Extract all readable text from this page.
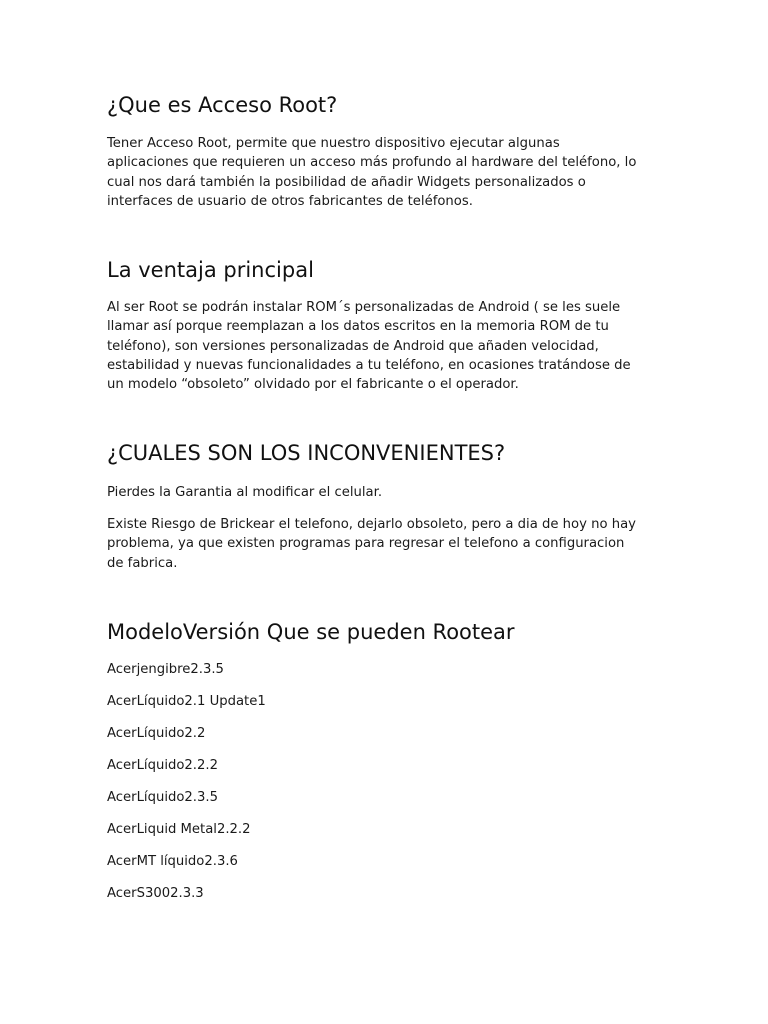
¿Que es Acceso Root?

Tener Acceso Root, permite que nuestro dispositivo ejecutar algunas
aplicaciones que requieren un acceso más profundo al hardware del teléfono, lo
cual nos dará también la posibilidad de añadir Widgets personalizados o
interfaces de usuario de otros fabricantes de teléfonos.

La ventaja principal

Al ser Root se podrán instalar ROM´s personalizadas de Android ( se les suele
llamar así porque reemplazan a los datos escritos en la memoria ROM de tu
teléfono), son versiones personalizadas de Android que añaden velocidad,
estabilidad y nuevas funcionalidades a tu teléfono, en ocasiones tratándose de
un modelo “obsoleto” olvidado por el fabricante o el operador.

¿CUALES SON LOS INCONVENIENTES?

Pierdes la Garantia al modificar el celular.

Existe Riesgo de Brickear el telefono, dejarlo obsoleto, pero a dia de hoy no hay
problema, ya que existen programas para regresar el telefono a configuracion
de fabrica.

ModeloVersión Que se pueden Rootear
Acerjengibre2.3.5
AcerLíquido2.1 Update1
AcerLíquido2.2
AcerLíquido2.2.2
AcerLíquido2.3.5
AcerLiquid Metal2.2.2
AcerMT líquido2.3.6
AcerS3002.3.3
